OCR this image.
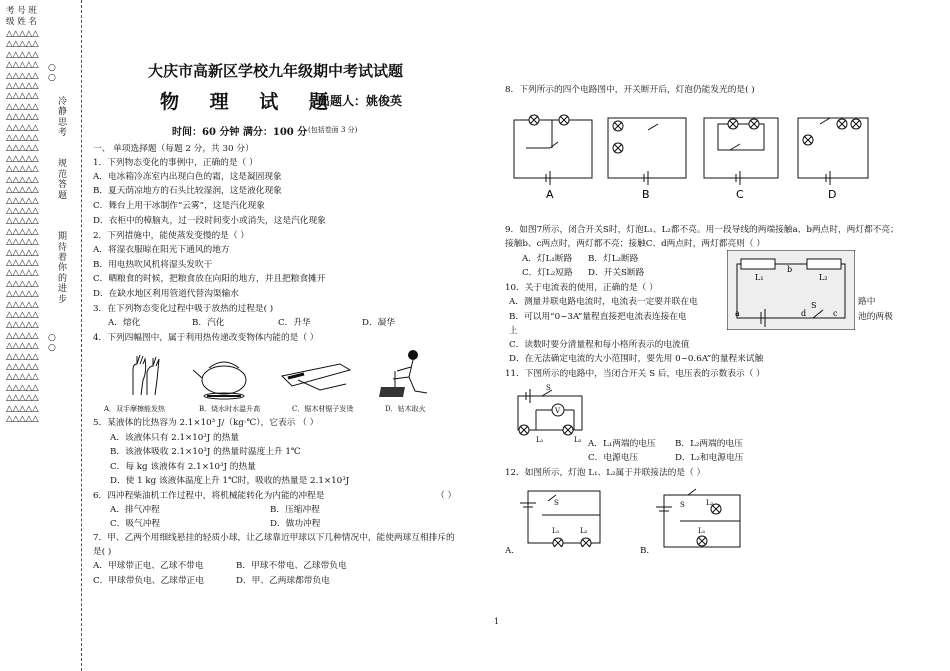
考 号 班
级 姓 名
△△△△△
△△△△△
△△△△△
△△△△△
△△△△△
△△△△△
△△△△△
△△△△△
△△△△△
△△△△△
△△△△△
△△△△△
△△△△△
△△△△△
△△△△△
△△△△△
△△△△△
△△△△△
△△△△△
△△△△△
△△△△△
△△△△△
△△△△△
△△△△△
△△△△△
△△△△△
△△△△△
△△△△△
△△△△△
△△△△△
△△△△△
△△△△△
△△△△△
△△△△△
△△△△△
△△△△△
△△△△△
△△△△△
冷
静
思
考
规
范
答
题
期
待
着
你
的
进
步
○
○
○
○
大庆市高新区学校九年级期中考试试题
物 理 试 题
出题人：姚俊英
时间：60 分钟 满分：100 分 (包括卷面 3 分)
一、 单项选择题（每题 2 分，共 30 分）
1．下列物态变化的事例中，正确的是（ ）
A．电冰箱冷冻室内出现白色的霜，这是凝固现象
B．夏天荫凉地方的石头比较湿润，这是液化现象
C．舞台上用干冰制作“云雾”，这是汽化现象
D．衣柜中的樟脑丸，过一段时间变小或消失，这是汽化现象
2．下列措施中，能使蒸发变慢的是（ ）
A．将湿衣服晾在阳光下通风的地方
B．用电热吹风机将湿头发吹干
C．晒粮食的时候，把粮食放在向阳的地方，并且把粮食摊开
D．在缺水地区利用管道代替沟渠输水
3．在下列物态变化过程中吸于放热的过程是( )
A．熔化	B．汽化	C．升华	D．凝华
4．下列四幅图中，属于利用热传递改变物体内能的是（ ）
A．双手摩擦能发热	B．烧水时水温升高	C．锯木材锯子发烫	D．钻木取火
5．某液体的比热容为 2.1×10³ J/（kg·℃），它表示 （ ）
A．该液体只有 2.1×10³J 的热量
B．该液体吸收 2.1×10³J 的热量时温度上升 1℃
C．每 kg 该液体有 2.1×10³J 的热量
D．使 1 kg 该液体温度上升 1℃时，吸收的热量是 2.1×10³J
6．四冲程柴油机工作过程中，将机械能转化为内能的冲程是	（ ）
A．排气冲程	B．压缩冲程
C．吸气冲程	D．做功冲程
7．甲、乙两个用细线悬挂的轻质小球，让乙球靠近甲球以下几种情况中，能使两球互相排斥的
是( )
A．甲球带正电、乙球不带电	B．甲球不带电、乙球带负电
C．甲球带负电、乙球带正电	D．甲、乙两球都带负电
8．下列所示的四个电路图中，开关断开后，灯泡仍能发光的是( )
A	B	C	D
9．如图7所示，闭合开关S时，灯泡L₁、L₂都不亮。用一段导线的两端接触a、b两点时，两灯都不亮；
接触b、c两点时，两灯都不亮；接触C、d两点时，两灯都亮则（ ）
A．灯L₁断路 B．灯L₂断路
C．灯L₂短路 D．开关S断路	L₁	L₂
b
a	d	c
S
10．关于电流表的使用，正确的是（ ）
A．测量并联电路电流时，电流表一定要并联在电	路中
B．可以用“0~3A”量程直接把电流表连接在电	池的两极
上
C．读数时要分清量程和每小格所表示的电流值
D．在无法确定电流的大小范围时，要先用 0~0.6A”的量程来试触
11．下图所示的电路中，当闭合开关 S 后，电压表的示数表示（ ）
S
V
L₁	L₂ A．L₁两端的电压 B．L₂两端的电压
C．电源电压	D．L₂和电源电压
12．如图所示，灯泡 L₁、L₂属于并联接法的是（ ）
S
L₁	L₂
S	L₂
L₁
A.	B.
1
